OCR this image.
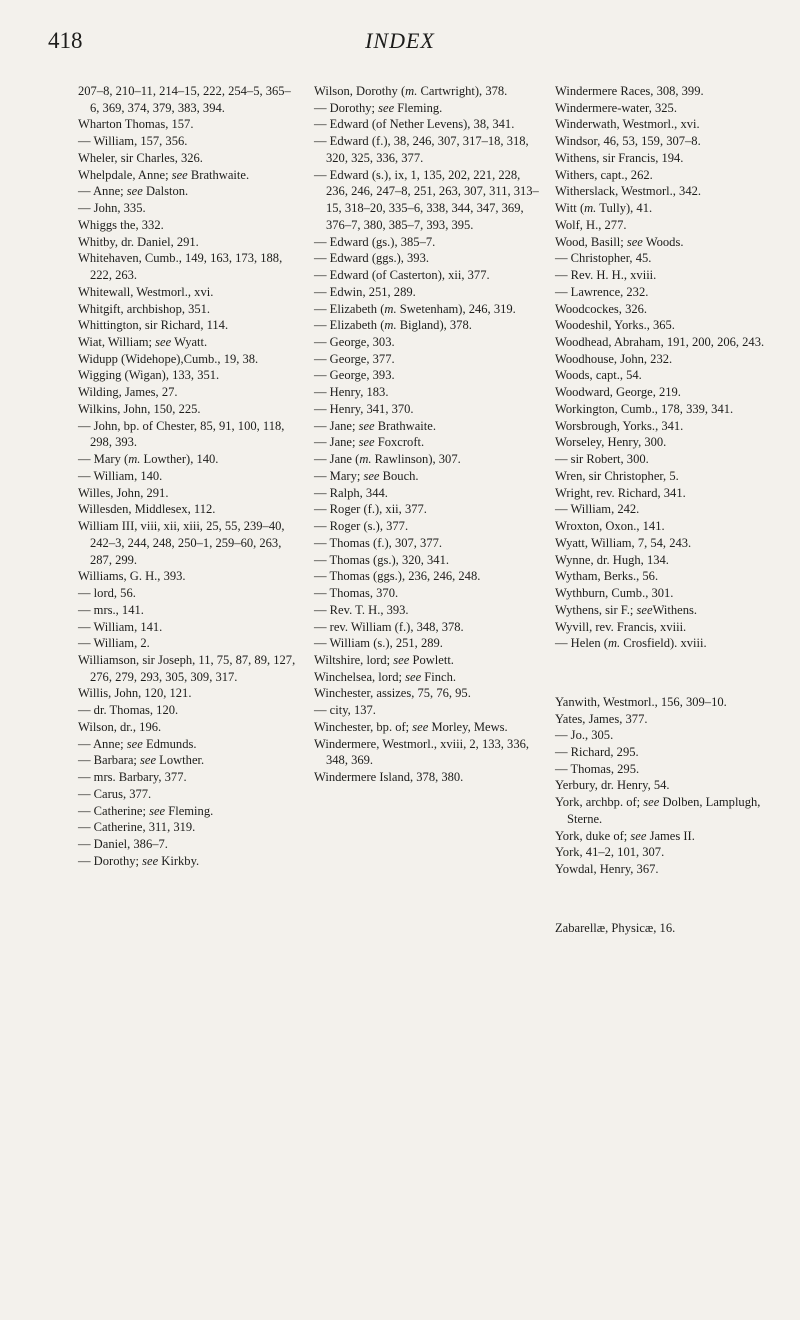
418	INDEX

207–8, 210–11, 214–15, 222, 254–5, 365–6, 369, 374, 379, 383, 394.

Wharton Thomas, 157.

— William, 157, 356.

Wheler, sir Charles, 326.

Whelpdale, Anne; see Brathwaite.

— Anne; see Dalston.

— John, 335.

Whiggs the, 332.

Whitby, dr. Daniel, 291.

Whitehaven, Cumb., 149, 163, 173, 188, 222, 263.

Whitewall, Westmorl., xvi.

Whitgift, archbishop, 351.

Whittington, sir Richard, 114.

Wiat, William; see Wyatt.

Widupp (Widehope),Cumb., 19, 38.

Wigging (Wigan), 133, 351.

Wilding, James, 27.

Wilkins, John, 150, 225.

— John, bp. of Chester, 85, 91, 100, 118, 298, 393.

— Mary (m. Lowther), 140.

— William, 140.

Willes, John, 291.

Willesden, Middlesex, 112.

William III, viii, xii, xiii, 25, 55, 239–40, 242–3, 244, 248, 250–1, 259–60, 263, 287, 299.

Williams, G. H., 393.

— lord, 56.

— mrs., 141.

— William, 141.

— William, 2.

Williamson, sir Joseph, 11, 75, 87, 89, 127, 276, 279, 293, 305, 309, 317.

Willis, John, 120, 121.

— dr. Thomas, 120.

Wilson, dr., 196.

— Anne; see Edmunds.

— Barbara; see Lowther.

— mrs. Barbary, 377.

— Carus, 377.

— Catherine; see Fleming.

— Catherine, 311, 319.

— Daniel, 386–7.

— Dorothy; see Kirkby.

Wilson, Dorothy (m. Cartwright), 378.

— Dorothy; see Fleming.

— Edward (of Nether Levens), 38, 341.

— Edward (f.), 38, 246, 307, 317–18, 318, 320, 325, 336, 377.

— Edward (s.), ix, 1, 135, 202, 221, 228, 236, 246, 247–8, 251, 263, 307, 311, 313–15, 318–20, 335–6, 338, 344, 347, 369, 376–7, 380, 385–7, 393, 395.

— Edward (gs.), 385–7.

— Edward (ggs.), 393.

— Edward (of Casterton), xii, 377.

— Edwin, 251, 289.

— Elizabeth (m. Swetenham), 246, 319.

— Elizabeth (m. Bigland), 378.

— George, 303.

— George, 377.

— George, 393.

— Henry, 183.

— Henry, 341, 370.

— Jane; see Brathwaite.

— Jane; see Foxcroft.

— Jane (m. Rawlinson), 307.

— Mary; see Bouch.

— Ralph, 344.

— Roger (f.), xii, 377.

— Roger (s.), 377.

— Thomas (f.), 307, 377.

— Thomas (gs.), 320, 341.

— Thomas (ggs.), 236, 246, 248.

— Thomas, 370.

— Rev. T. H., 393.

— rev. William (f.), 348, 378.

— William (s.), 251, 289.

Wiltshire, lord; see Powlett.

Winchelsea, lord; see Finch.

Winchester, assizes, 75, 76, 95.

— city, 137.

Winchester, bp. of; see Morley, Mews.

Windermere, Westmorl., xviii, 2, 133, 336, 348, 369.

Windermere Island, 378, 380.

Windermere Races, 308, 399.

Windermere-water, 325.

Winderwath, Westmorl., xvi.

Windsor, 46, 53, 159, 307–8.

Withens, sir Francis, 194.

Withers, capt., 262.

Witherslack, Westmorl., 342.

Witt (m. Tully), 41.

Wolf, H., 277.

Wood, Basill; see Woods.

— Christopher, 45.

— Rev. H. H., xviii.

— Lawrence, 232.

Woodcockes, 326.

Woodeshil, Yorks., 365.

Woodhead, Abraham, 191, 200, 206, 243.

Woodhouse, John, 232.

Woods, capt., 54.

Woodward, George, 219.

Workington, Cumb., 178, 339, 341.

Worsbrough, Yorks., 341.

Worseley, Henry, 300.

— sir Robert, 300.

Wren, sir Christopher, 5.

Wright, rev. Richard, 341.

— William, 242.

Wroxton, Oxon., 141.

Wyatt, William, 7, 54, 243.

Wynne, dr. Hugh, 134.

Wytham, Berks., 56.

Wythburn, Cumb., 301.

Wythens, sir F.; seeWithens.

Wyvill, rev. Francis, xviii.

— Helen (m. Crosfield). xviii.

Yanwith, Westmorl., 156, 309–10.

Yates, James, 377.

— Jo., 305.

— Richard, 295.

— Thomas, 295.

Yerbury, dr. Henry, 54.

York, archbp. of; see Dolben, Lamplugh, Sterne.

York, duke of; see James II.

York, 41–2, 101, 307.

Yowdal, Henry, 367.

Zabarellæ, Physicæ, 16.
